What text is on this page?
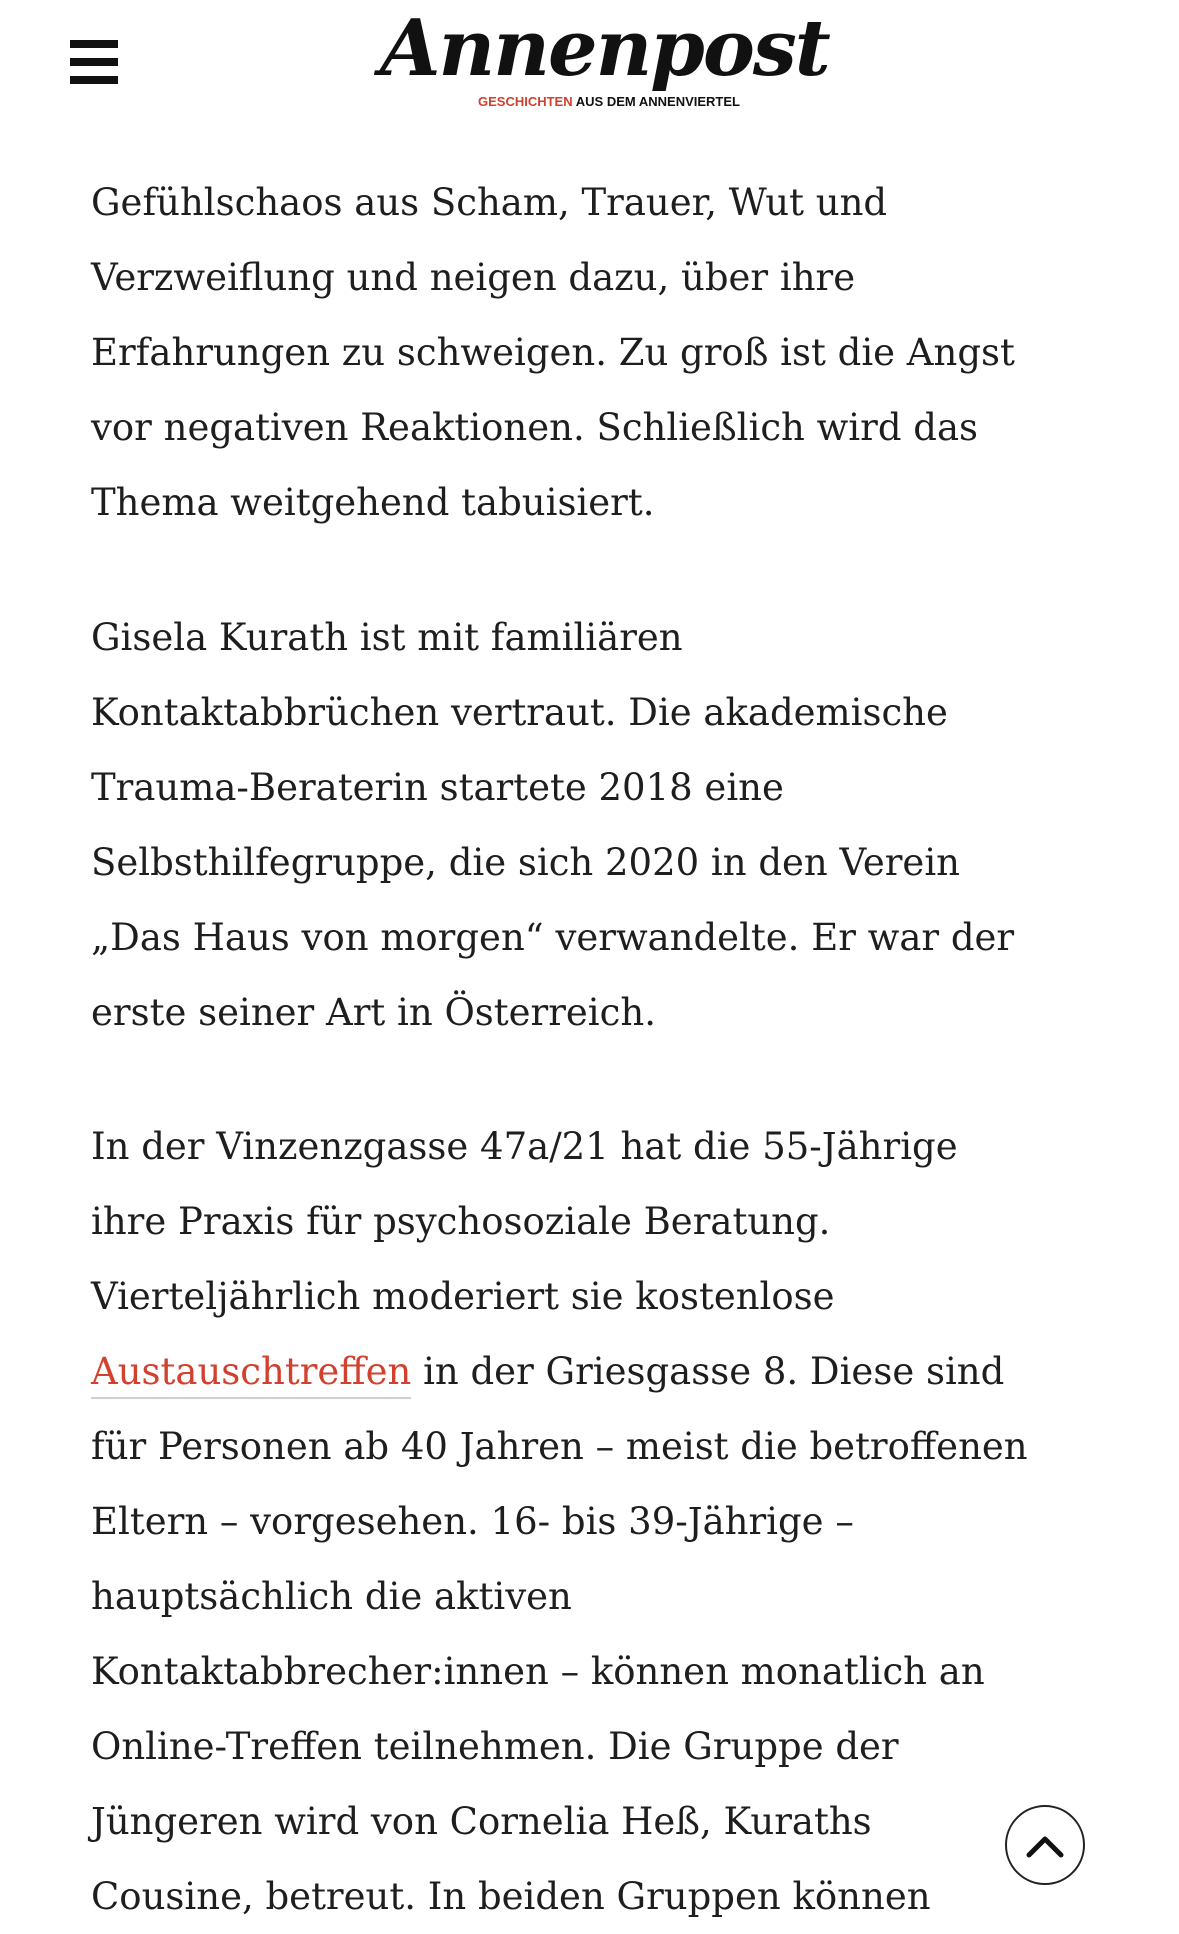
Annenpost
GESCHICHTEN AUS DEM ANNENVIERTEL
Gefühlschaos aus Scham, Trauer, Wut und
Verzweiflung und neigen dazu, über ihre
Erfahrungen zu schweigen. Zu groß ist die Angst
vor negativen Reaktionen. Schließlich wird das
Thema weitgehend tabuisiert.
Gisela Kurath ist mit familiären
Kontaktabbrüchen vertraut. Die akademische
Trauma-Beraterin startete 2018 eine
Selbsthilfegruppe, die sich 2020 in den Verein
„Das Haus von morgen“ verwandelte. Er war der
erste seiner Art in Österreich.
In der Vinzenzgasse 47a/21 hat die 55-Jährige
ihre Praxis für psychosoziale Beratung.
Vierteljährlich moderiert sie kostenlose
Austauschtreffen in der Griesgasse 8. Diese sind
für Personen ab 40 Jahren – meist die betroffenen
Eltern – vorgesehen. 16- bis 39-Jährige –
hauptsächlich die aktiven
Kontaktabbrecher:innen – können monatlich an
Online-Treffen teilnehmen. Die Gruppe der
Jüngeren wird von Cornelia Heß, Kuraths
Cousine, betreut. In beiden Gruppen können
